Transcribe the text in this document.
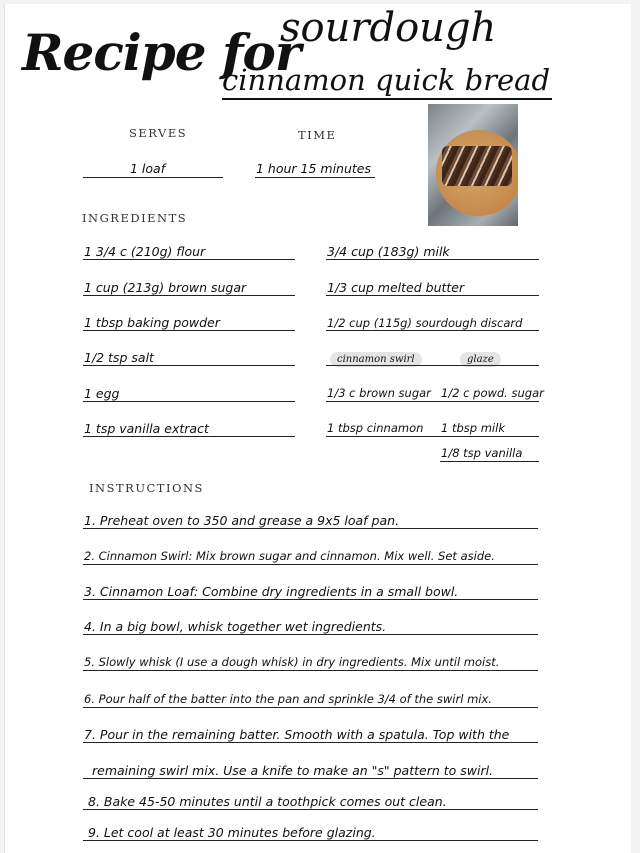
Recipe for
sourdough
cinnamon quick bread
SERVES
1 loaf
TIME
1 hour 15 minutes
INGREDIENTS
1 3/4 c (210g) flour
1 cup (213g) brown sugar
1 tbsp baking powder
1/2 tsp salt
1 egg
1 tsp vanilla extract
3/4 cup (183g) milk
1/3 cup melted butter
1/2 cup (115g) sourdough discard
cinnamon swirl	glaze
1/3 c brown sugar 1/2 c powd. sugar
1 tbsp cinnamon 1 tbsp milk
1/8 tsp vanilla
INSTRUCTIONS
1. Preheat oven to 350 and grease a 9x5 loaf pan.
2. Cinnamon Swirl: Mix brown sugar and cinnamon. Mix well. Set aside.
3. Cinnamon Loaf: Combine dry ingredients in a small bowl.
4. In a big bowl, whisk together wet ingredients.
5. Slowly whisk (I use a dough whisk) in dry ingredients. Mix until moist.
6. Pour half of the batter into the pan and sprinkle 3/4 of the swirl mix.
7. Pour in the remaining batter. Smooth with a spatula. Top with the
remaining swirl mix. Use a knife to make an "s" pattern to swirl.
8. Bake 45-50 minutes until a toothpick comes out clean.
9. Let cool at least 30 minutes before glazing.
